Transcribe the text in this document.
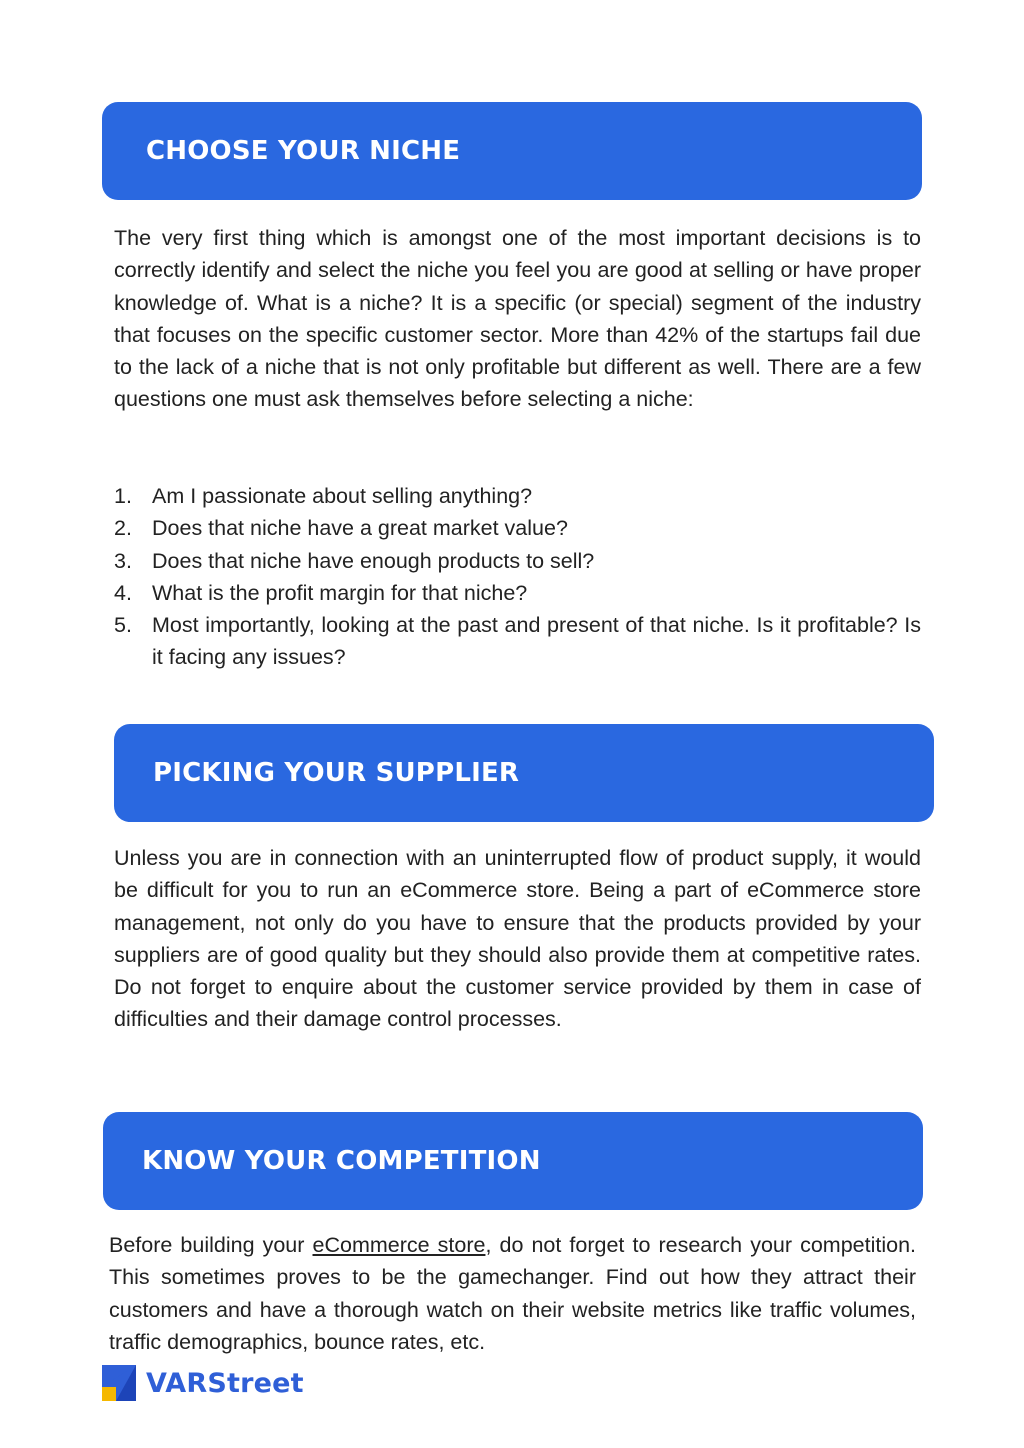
CHOOSE YOUR NICHE

The very first thing which is amongst one of the most important decisions is to correctly identify and select the niche you feel you are good at selling or have proper knowledge of. What is a niche? It is a specific (or special) segment of the industry that focuses on the specific customer sector. More than 42% of the startups fail due to the lack of a niche that is not only profitable but different as well. There are a few questions one must ask themselves before selecting a niche:

1. Am I passionate about selling anything?
2. Does that niche have a great market value?
3. Does that niche have enough products to sell?
4. What is the profit margin for that niche?
5. Most importantly, looking at the past and present of that niche. Is it profitable? Is it facing any issues?
PICKING YOUR SUPPLIER

Unless you are in connection with an uninterrupted flow of product supply, it would be difficult for you to run an eCommerce store. Being a part of eCommerce store management, not only do you have to ensure that the products provided by your suppliers are of good quality but they should also provide them at competitive rates. Do not forget to enquire about the customer service provided by them in case of difficulties and their damage control processes.

KNOW YOUR COMPETITION

Before building your eCommerce store, do not forget to research your competition. This sometimes proves to be the gamechanger. Find out how they attract their customers and have a thorough watch on their website metrics like traffic volumes, traffic demographics, bounce rates, etc.

VARStreet
